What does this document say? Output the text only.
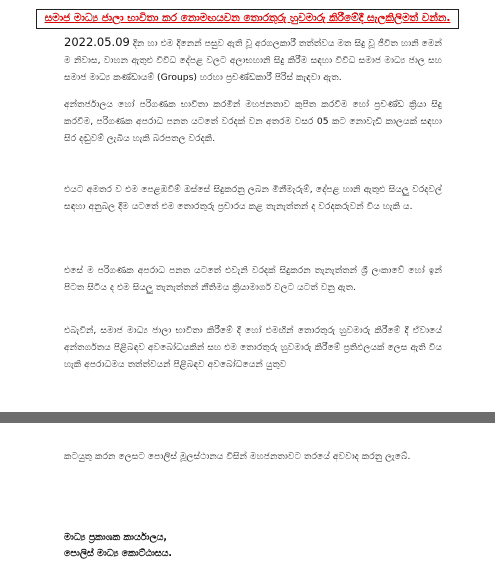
සමාජ මාධ්‍ය ජාලා භාවිතා කර නොමඟයවන තොරතුරු හුවමාරු කිරීමේදී සැලකිලිමත් වන්න.

2022.05.09 දින හා එම දිනෙන් පසුව ඇති වූ අරගලකාරී තත්ත්වය මත සිදු වූ ජීවිත හානි මෙන් ම නිවාස, වාහන ඇතුළු විවිධ දේපළ වලට අලාභහානි සිදු කිරීම සඳහා විවිධ සමාජ මාධ්‍ය ජාල සහ සමාජ මාධ්‍ය කණ්ඩායම් (Groups) හරහා ප්‍රචණ්ඩකාරී පිරිස් කැඳවා ඇත.

අන්තර්ජාලය හෝ පරිගණක භාවිතා කරමින් මහජනතාව කුපිත කරවීම හෝ ප්‍රචණ්ඩ ක්‍රියා සිදු කරවීම, පරිගණක අපරාධ පනත යටතේ වරදක් වන අතරම වසර 05 කට නොවැඩි කාලයක් සඳහා සිර දඬුවම් ලැබිය හැකි බරපතල වරදකි.

එයට අමතර ව එම පෙළඹවීම් ඔස්සේ සිදුකරනු ලබන මිනීමැරුම්, දේපළ හානි ඇතුළු සියලු වරදවල් සඳහා අනුබල දීම යටතේ එම තොරතුරු ප්‍රචාරය කළ තැනැත්තන් ද වරදකරුවන් විය හැකි ය.

එසේ ම පරිගණක අපරාධ පනත යටතේ එවැනි වරදක් සිදුකරන තැනැත්තන් ශ්‍රී ලංකාවේ හෝ ඉන් පිටත සිටිය ද එම සියලු තැනැත්තන් නීතිමය ක්‍රියාමාර්ග වලට යටත් වනු ඇත.

එබැවින්, සමාජ මාධ්‍ය ජාලා භාවිතා කිරීමේ දී හෝ එමඟින් තොරතුරු හුවමාරු කිරීමේ දී ඒවායේ අන්තර්ගතය පිළිබඳව අවබෝධයකින් සහ එම තොරතුරු හුවමාරු කිරීමේ ප්‍රතිඵලයක් ලෙස ඇති විය හැකි අපරාධමය තත්ත්වයන් පිළිබඳව අවබෝධයෙන් යුතුව

කටයුතු කරන ලෙසට පොලිස් මූලස්ථානය විසින් මහජනතාවට තරයේ අවවාද කරනු ලැබේ.

මාධ්‍ය ප්‍රකාශක කාර්යාලය,
පොලිස් මාධ්‍ය කොට්ඨාසය.
